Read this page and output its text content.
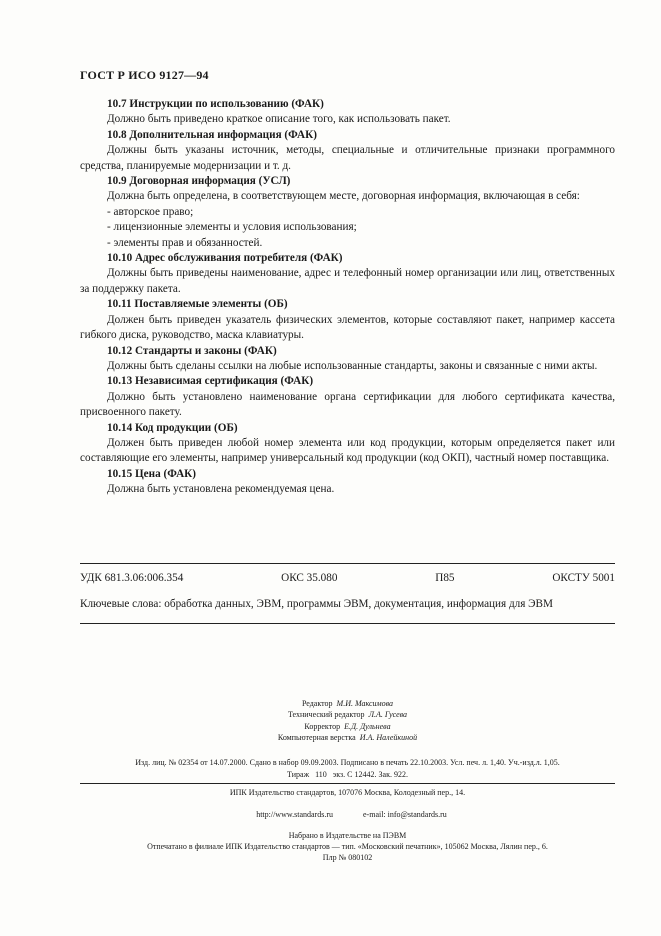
ГОСТ Р ИСО 9127—94
10.7 Инструкции по использованию (ФАК)
Должно быть приведено краткое описание того, как использовать пакет.
10.8 Дополнительная информация (ФАК)
Должны быть указаны источник, методы, специальные и отличительные признаки программного средства, планируемые модернизации и т. д.
10.9 Договорная информация (УСЛ)
Должна быть определена, в соответствующем месте, договорная информация, включающая в себя:
- авторское право;
- лицензионные элементы и условия использования;
- элементы прав и обязанностей.
10.10 Адрес обслуживания потребителя (ФАК)
Должны быть приведены наименование, адрес и телефонный номер организации или лиц, ответственных за поддержку пакета.
10.11 Поставляемые элементы (ОБ)
Должен быть приведен указатель физических элементов, которые составляют пакет, например кассета гибкого диска, руководство, маска клавиатуры.
10.12 Стандарты и законы (ФАК)
Должны быть сделаны ссылки на любые использованные стандарты, законы и связанные с ними акты.
10.13 Независимая сертификация (ФАК)
Должно быть установлено наименование органа сертификации для любого сертификата качества, присвоенного пакету.
10.14 Код продукции (ОБ)
Должен быть приведен любой номер элемента или код продукции, которым определяется пакет или составляющие его элементы, например универсальный код продукции (код ОКП), частный номер поставщика.
10.15 Цена (ФАК)
Должна быть установлена рекомендуемая цена.
УДК 681.3.06:006.354	ОКС 35.080	П85	ОКСТУ 5001
Ключевые слова: обработка данных, ЭВМ, программы ЭВМ, документация, информация для ЭВМ
Редактор М.И. Максимова
Технический редактор Л.А. Гусева
Корректор Е.Д. Дульнева
Компьютерная верстка И.А. Налейкиной
Изд. лиц. № 02354 от 14.07.2000. Сдано в набор 09.09.2003. Подписано в печать 22.10.2003. Усл. печ. л. 1,40. Уч.-изд.л. 1,05.
Тираж   110   экз. С 12442. Зак. 922.
ИПК Издательство стандартов, 107076 Москва, Колодезный пер., 14.

http://www.standards.ru	e-mail: info@standards.ru

Набрано в Издательстве на ПЭВМ
Отпечатано в филиале ИПК Издательство стандартов — тип. «Московский печатник», 105062 Москва, Лялин пер., 6.
Плр № 080102
